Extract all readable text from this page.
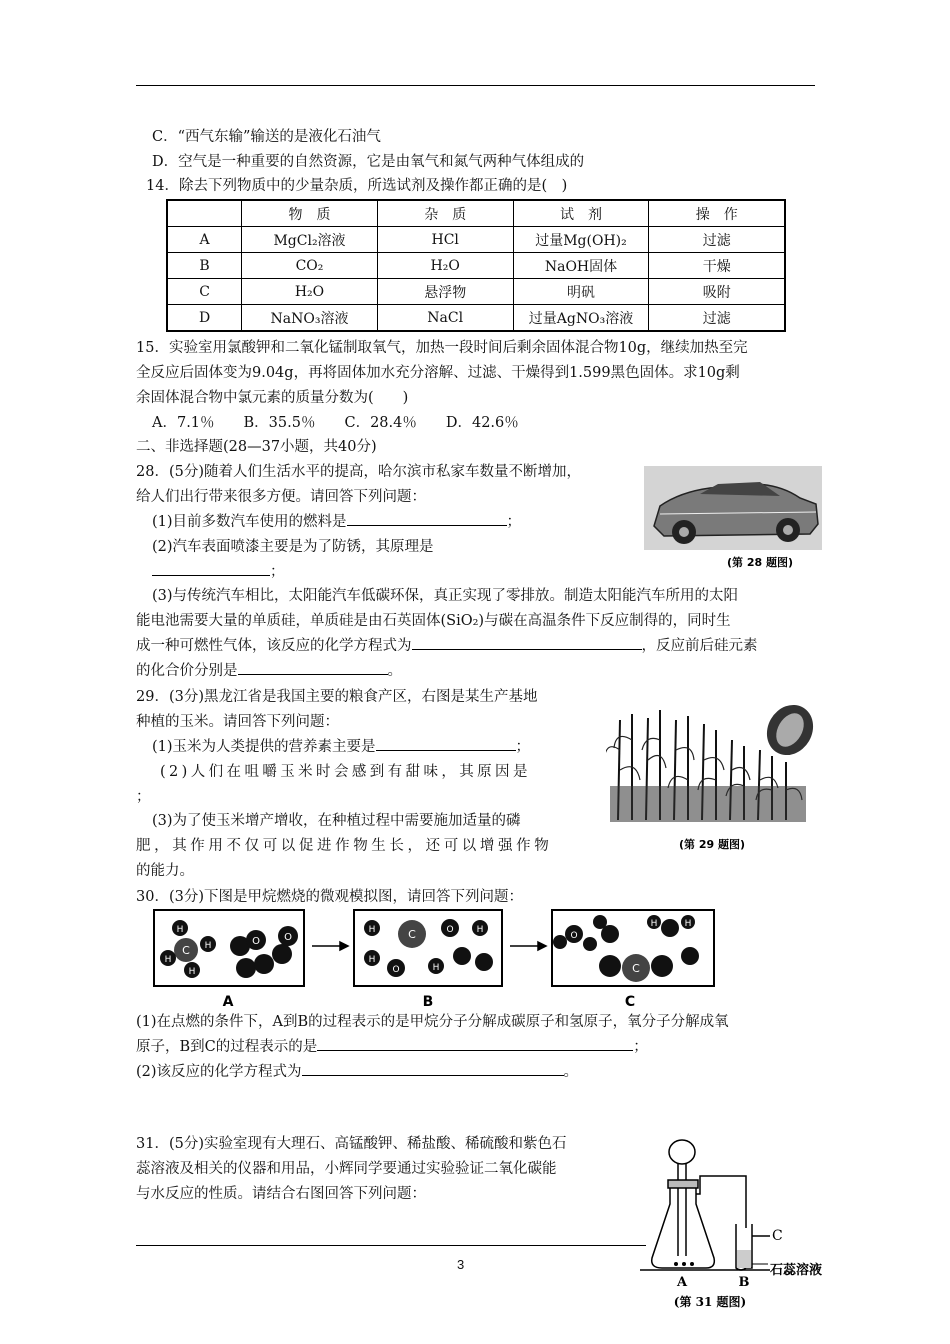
C．“西气东输”输送的是液化石油气
D．空气是一种重要的自然资源，它是由氧气和氮气两种气体组成的
14．除去下列物质中的少量杂质，所选试剂及操作都正确的是(　)
	物　质	杂　质	试　剂	操　作
A	MgCl₂溶液	HCl	过量Mg(OH)₂	过滤
B	CO₂	H₂O	NaOH固体	干燥
C	H₂O	悬浮物	明矾	吸附
D	NaNO₃溶液	NaCl	过量AgNO₃溶液	过滤
15．实验室用氯酸钾和二氧化锰制取氧气，加热一段时间后剩余固体混合物10g，继续加热至完
全反应后固体变为9.04g，再将固体加水充分溶解、过滤、干燥得到1.599黑色固体。求10g剩
余固体混合物中氯元素的质量分数为(　　)
A．7.1％　　B．35.5％　　C．28.4％　　D．42.6％
二、非选择题(28—37小题，共40分)
28．(5分)随着人们生活水平的提高，哈尔滨市私家车数量不断增加，
给人们出行带来很多方便。请回答下列问题：
(1)目前多数汽车使用的燃料是	；
(2)汽车表面喷漆主要是为了防锈，其原理是
；
(第 28 题图)
(3)与传统汽车相比，太阳能汽车低碳环保，真正实现了零排放。制造太阳能汽车所用的太阳
能电池需要大量的单质硅，单质硅是由石英固体(SiO₂)与碳在高温条件下反应制得的，同时生
成一种可燃性气体，该反应的化学方程式为	，反应前后硅元素
的化合价分别是	。
29．(3分)黑龙江省是我国主要的粮食产区，右图是某生产基地
种植的玉米。请回答下列问题：
(1)玉米为人类提供的营养素主要是	；
(2)人们在咀嚼玉米时会感到有甜味，其原因是
；
(3)为了使玉米增产增收，在种植过程中需要施加适量的磷
肥，其作用不仅可以促进作物生长，还可以增强作物
的能力。
(第 29 题图)
30．(3分)下图是甲烷燃烧的微观模拟图，请回答下列问题：
C
H
H
H
H
O O	C
H
H
H
H
O
O
O
H	H
C
A	B	C
(1)在点燃的条件下，A到B的过程表示的是甲烷分子分解成碳原子和氢原子，氧分子分解成氧
原子，B到C的过程表示的是	；
(2)该反应的化学方程式为	。
31．(5分)实验室现有大理石、高锰酸钾、稀盐酸、稀硫酸和紫色石
蕊溶液及相关的仪器和用品，小辉同学要通过实验验证二氧化碳能
与水反应的性质。请结合右图回答下列问题：
C
石蕊溶液
A	B
(第 31 题图)
3
